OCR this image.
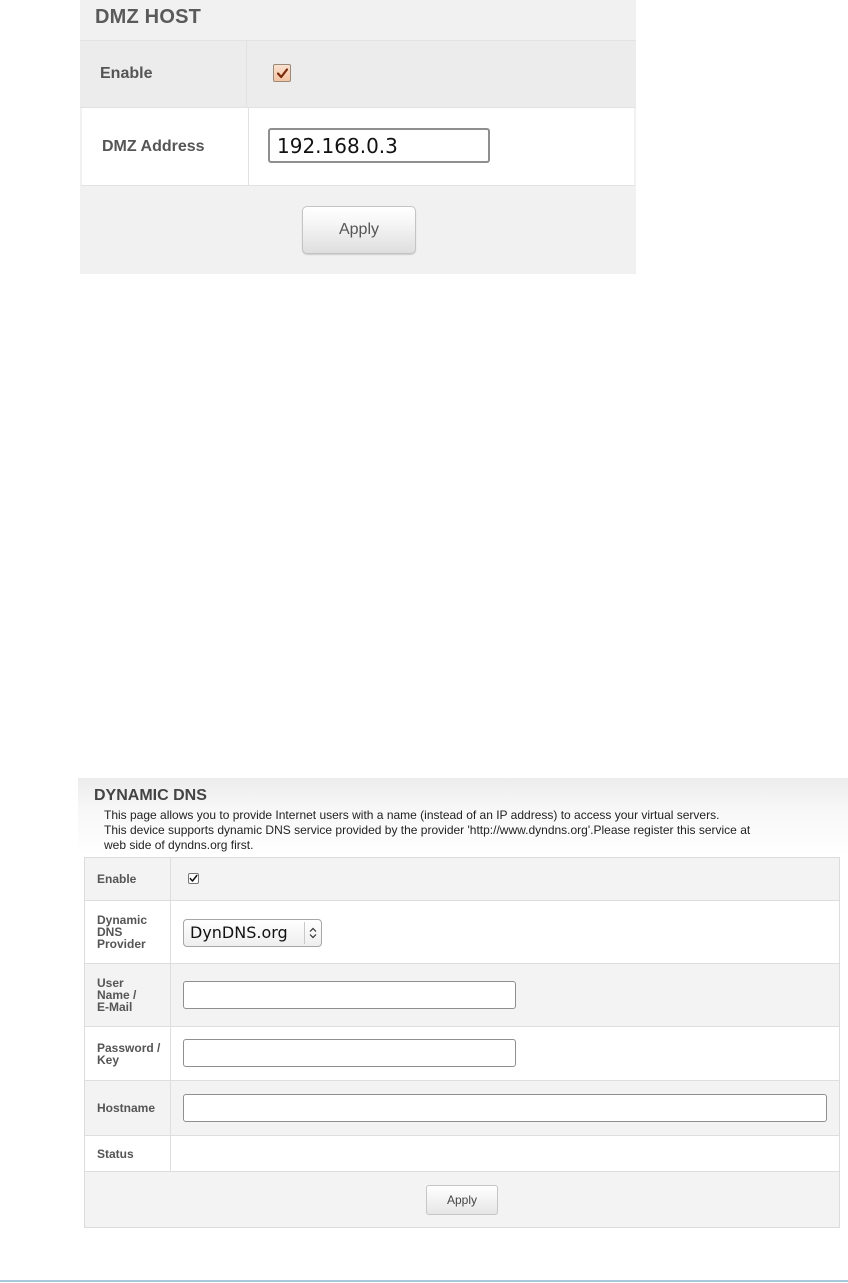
DMZ HOST
Enable
DMZ Address
192.168.0.3
Apply
DYNAMIC DNS
This page allows you to provide Internet users with a name (instead of an IP address) to access your virtual servers.
This device supports dynamic DNS service provided by the provider 'http://www.dyndns.org'.Please register this service at
web side of dyndns.org first.
Enable
Dynamic DNS Provider
DynDNS.org
User Name / E-Mail
Password / Key
Hostname
Status
Apply
